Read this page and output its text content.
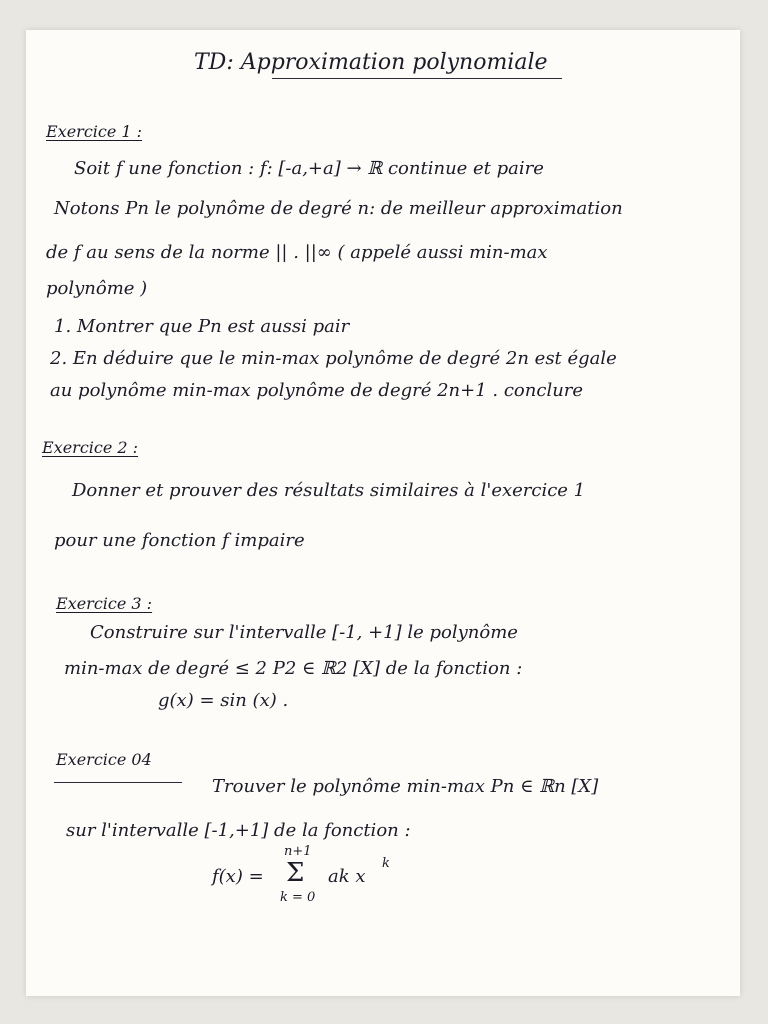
TD: Approximation polynomiale
Exercice 1 :
Soit f une fonction : f: [-a,+a] → ℝ continue et paire
Notons Pn le polynôme de degré n: de meilleur approximation
de f au sens de la norme || . ||∞ ( appelé aussi min-max
polynôme )
1. Montrer que Pn est aussi pair
2. En déduire que le min-max polynôme de degré 2n est égale
au polynôme min-max polynôme de degré 2n+1 . conclure
Exercice 2 :
Donner et prouver des résultats similaires à l'exercice 1
pour une fonction f impaire
Exercice 3 :
Construire sur l'intervalle [-1, +1] le polynôme
min-max de degré ≤ 2 P2 ∈ ℝ2 [X] de la fonction :
g(x) = sin (x) .
Exercice 04
Trouver le polynôme min-max Pn ∈ ℝn [X]
sur l'intervalle [-1,+1] de la fonction :
f(x) =
n+1
Σ
k = 0
ak x
k
